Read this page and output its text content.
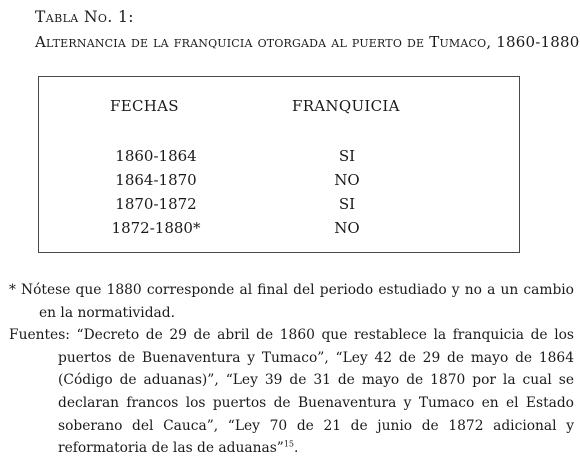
Tabla No. 1:
Alternancia de la franquicia otorgada al puerto de Tumaco, 1860-1880
FECHAS	FRANQUICIA
1860-1864	SI
1864-1870	NO
1870-1872	SI
1872-1880*	NO
* Nótese que 1880 corresponde al final del periodo estudiado y no a un cambio en la normatividad.
Fuentes: “Decreto de 29 de abril de 1860 que restablece la franquicia de los puertos de Buenaventura y Tumaco”, “Ley 42 de 29 de mayo de 1864 (Código de aduanas)”, “Ley 39 de 31 de mayo de 1870 por la cual se declaran francos los puertos de Buenaventura y Tumaco en el Estado soberano del Cauca”, “Ley 70 de 21 de junio de 1872 adicional y reformatoria de las de aduanas”$^{15}$.
